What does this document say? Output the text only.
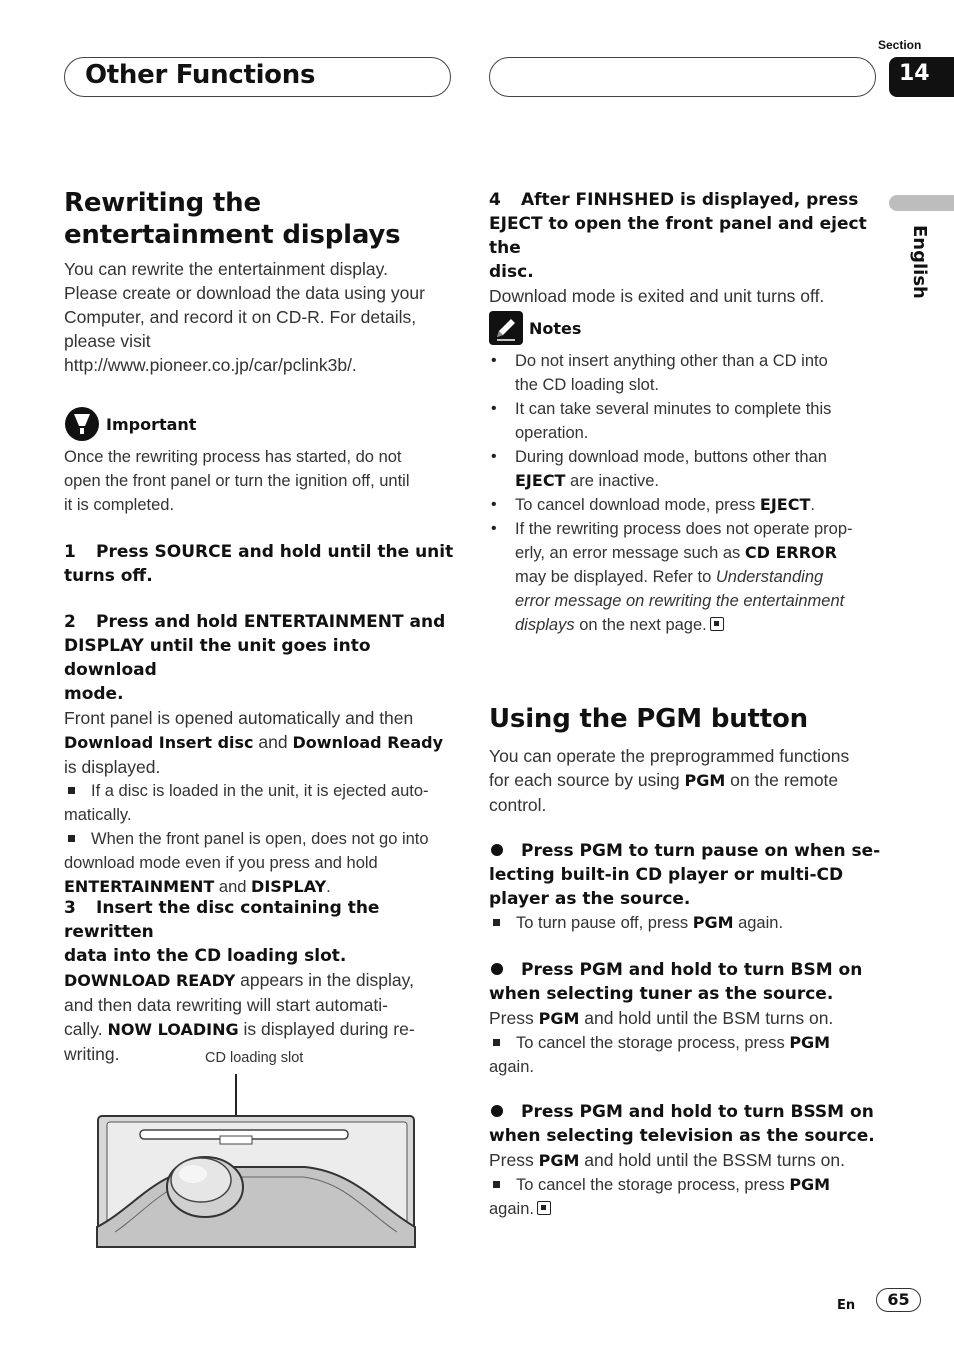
Other Functions
Section
14
English
Rewriting the
entertainment displays
You can rewrite the entertainment display.
Please create or download the data using your
Computer, and record it on CD-R. For details,
please visit
http://www.pioneer.co.jp/car/pclink3b/.
Important
Once the rewriting process has started, do not
open the front panel or turn the ignition off, until
it is completed.
1 Press SOURCE and hold until the unit
turns off.
2 Press and hold ENTERTAINMENT and
DISPLAY until the unit goes into download
mode.
Front panel is opened automatically and then
Download Insert disc and Download Ready
is displayed.
If a disc is loaded in the unit, it is ejected auto-
matically.
When the front panel is open, does not go into
download mode even if you press and hold
ENTERTAINMENT and DISPLAY.
3 Insert the disc containing the rewritten
data into the CD loading slot.
DOWNLOAD READY appears in the display,
and then data rewriting will start automati-
cally. NOW LOADING is displayed during re-
writing.	CD loading slot
4 After FINHSHED is displayed, press
EJECT to open the front panel and eject the
disc.
Download mode is exited and unit turns off.
Notes
• Do not insert anything other than a CD into
the CD loading slot.
• It can take several minutes to complete this
operation.
• During download mode, buttons other than
EJECT are inactive.
• To cancel download mode, press EJECT.
• If the rewriting process does not operate prop-
erly, an error message such as CD ERROR
may be displayed. Refer to Understanding
error message on rewriting the entertainment
displays on the next page.
Using the PGM button
You can operate the preprogrammed functions
for each source by using PGM on the remote
control.
Press PGM to turn pause on when se-
lecting built-in CD player or multi-CD
player as the source.
To turn pause off, press PGM again.
Press PGM and hold to turn BSM on
when selecting tuner as the source.
Press PGM and hold until the BSM turns on.
To cancel the storage process, press PGM
again.
Press PGM and hold to turn BSSM on
when selecting television as the source.
Press PGM and hold until the BSSM turns on.
To cancel the storage process, press PGM
again.
En	65
